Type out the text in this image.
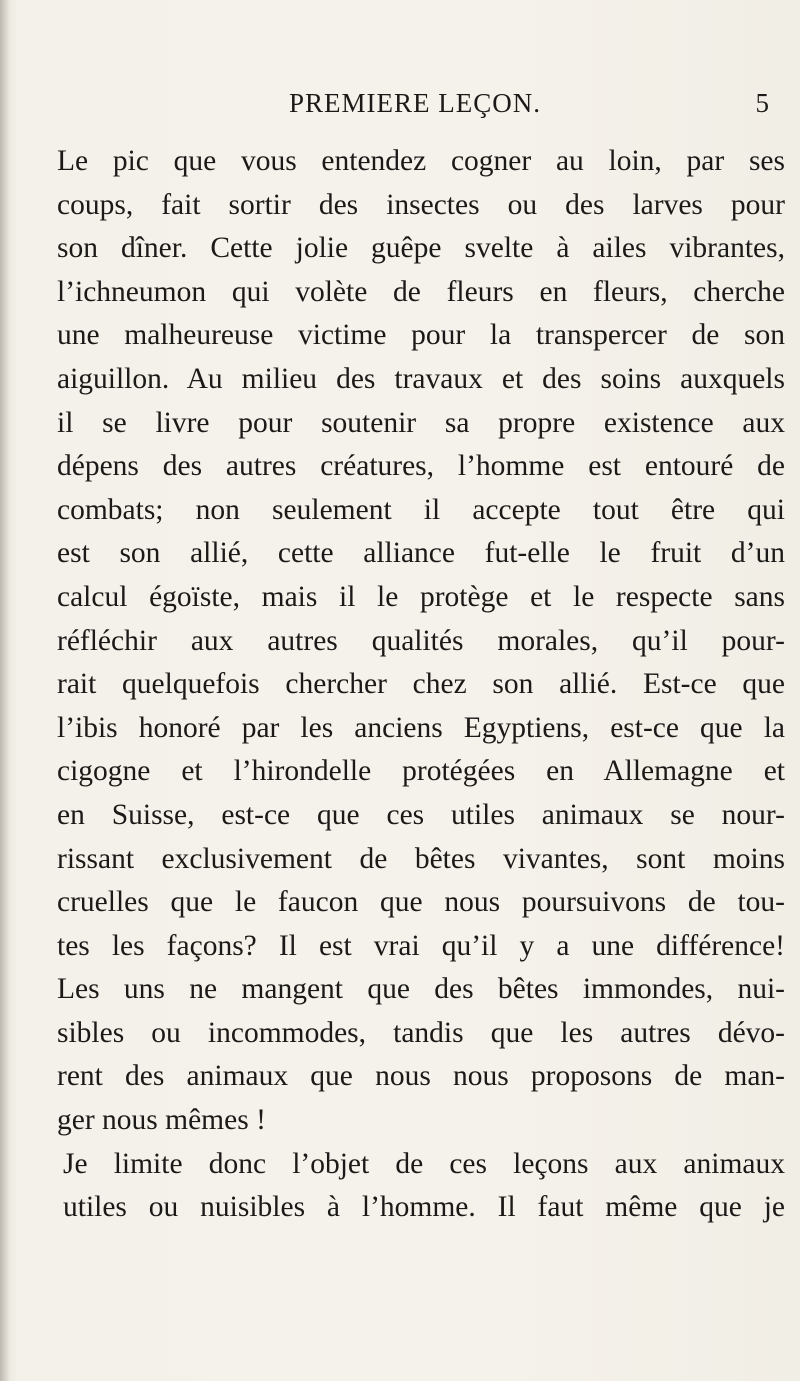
PREMIERE LEÇON.	5
Le pic que vous entendez cogner au loin, par ses
coups, fait sortir des insectes ou des larves pour
son dîner. Cette jolie guêpe svelte à ailes vibrantes,
l’ichneumon qui volète de fleurs en fleurs, cherche
une malheureuse victime pour la transpercer de son
aiguillon. Au milieu des travaux et des soins auxquels
il se livre pour soutenir sa propre existence aux
dépens des autres créatures, l’homme est entouré de
combats; non seulement il accepte tout être qui
est son allié, cette alliance fut-elle le fruit d’un
calcul égoïste, mais il le protège et le respecte sans
réfléchir aux autres qualités morales, qu’il pour-
rait quelquefois chercher chez son allié. Est-ce que
l’ibis honoré par les anciens Egyptiens, est-ce que la
cigogne et l’hirondelle protégées en Allemagne et
en Suisse, est-ce que ces utiles animaux se nour-
rissant exclusivement de bêtes vivantes, sont moins
cruelles que le faucon que nous poursuivons de tou-
tes les façons? Il est vrai qu’il y a une différence!
Les uns ne mangent que des bêtes immondes, nui-
sibles ou incommodes, tandis que les autres dévo-
rent des animaux que nous nous proposons de man-
ger nous mêmes !
Je limite donc l’objet de ces leçons aux animaux
utiles ou nuisibles à l’homme. Il faut même que je
